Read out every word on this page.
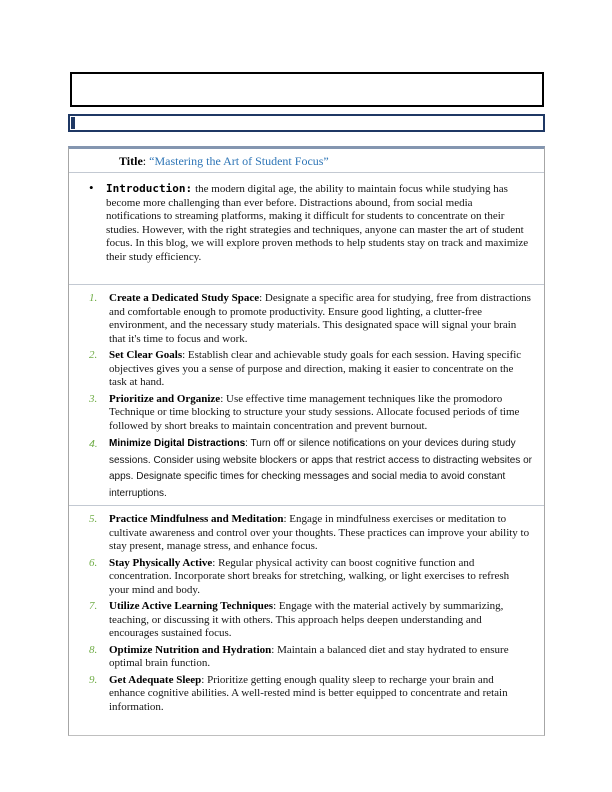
Title: “Mastering the Art of Student Focus”
• Introduction: the modern digital age, the ability to maintain focus while studying has become more challenging than ever before. Distractions abound, from social media notifications to streaming platforms, making it difficult for students to concentrate on their studies. However, with the right strategies and techniques, anyone can master the art of student focus. In this blog, we will explore proven methods to help students stay on track and maximize their study efficiency.
1. Create a Dedicated Study Space: Designate a specific area for studying, free from distractions and comfortable enough to promote productivity. Ensure good lighting, a clutter-free environment, and the necessary study materials. This designated space will signal your brain that it's time to focus and work.
2. Set Clear Goals: Establish clear and achievable study goals for each session. Having specific objectives gives you a sense of purpose and direction, making it easier to concentrate on the task at hand.
3. Prioritize and Organize: Use effective time management techniques like the promodoro Technique or time blocking to structure your study sessions. Allocate focused periods of time followed by short breaks to maintain concentration and prevent burnout.
4. Minimize Digital Distractions: Turn off or silence notifications on your devices during study sessions. Consider using website blockers or apps that restrict access to distracting websites or apps. Designate specific times for checking messages and social media to avoid constant interruptions.
5. Practice Mindfulness and Meditation: Engage in mindfulness exercises or meditation to cultivate awareness and control over your thoughts. These practices can improve your ability to stay present, manage stress, and enhance focus.
6. Stay Physically Active: Regular physical activity can boost cognitive function and concentration. Incorporate short breaks for stretching, walking, or light exercises to refresh your mind and body.
7. Utilize Active Learning Techniques: Engage with the material actively by summarizing, teaching, or discussing it with others. This approach helps deepen understanding and encourages sustained focus.
8. Optimize Nutrition and Hydration: Maintain a balanced diet and stay hydrated to ensure optimal brain function.
9. Get Adequate Sleep: Prioritize getting enough quality sleep to recharge your brain and enhance cognitive abilities. A well-rested mind is better equipped to concentrate and retain information.
